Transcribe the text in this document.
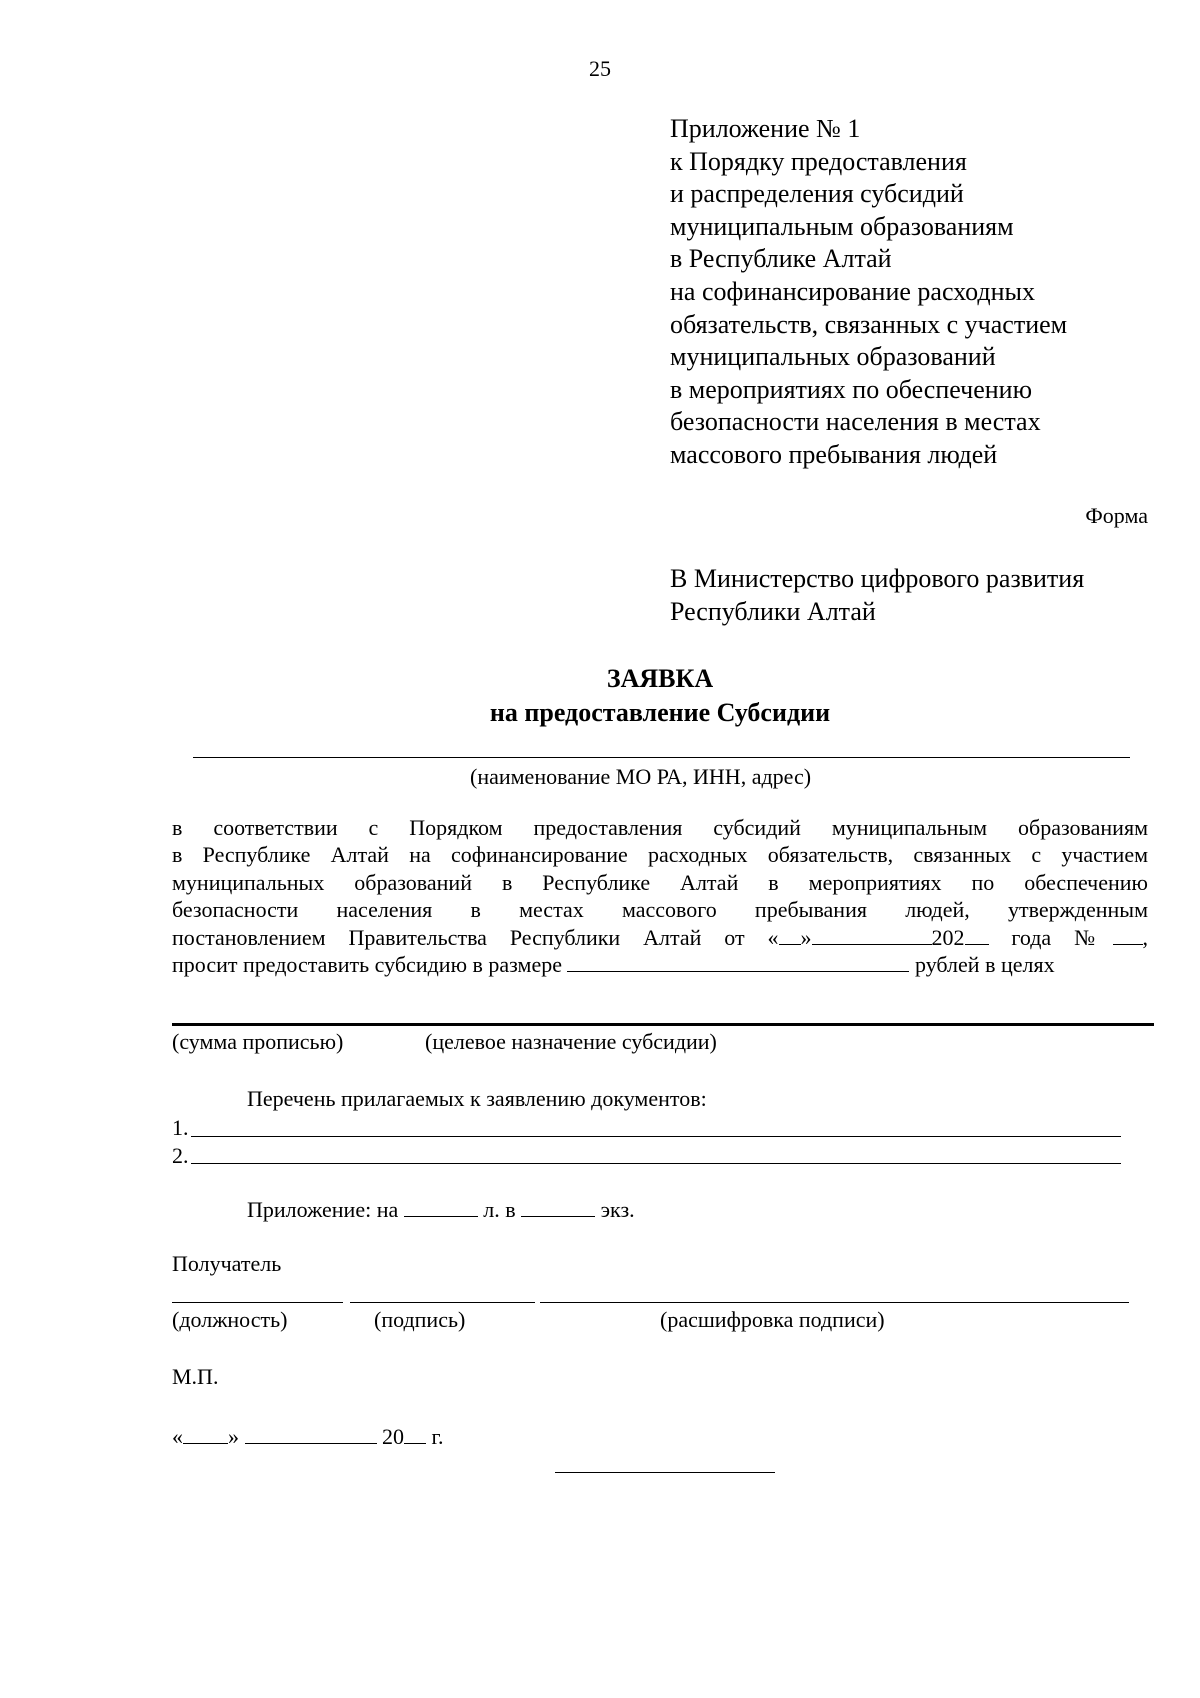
25
Приложение № 1
к Порядку предоставления
и распределения субсидий
муниципальным образованиям
в Республике Алтай
на софинансирование расходных
обязательств, связанных с участием
муниципальных образований
в мероприятиях по обеспечению
безопасности населения в местах
массового пребывания людей
Форма
В Министерство цифрового развития
Республики Алтай
ЗАЯВКА
на предоставление Субсидии
(наименование МО РА, ИНН, адрес)
в соответствии с Порядком предоставления субсидий муниципальным образованиям
в Республике Алтай на софинансирование расходных обязательств, связанных с участием
муниципальных образований в Республике Алтай в мероприятиях по обеспечению
безопасности населения в местах массового пребывания людей, утвержденным
постановлением Правительства Республики Алтай от « »	202 года № ,
просит предоставить субсидию в размере	рублей в целях
(сумма прописью)	(целевое назначение субсидии)
Перечень прилагаемых к заявлению документов:
1.
2.
Приложение: на	л. в	экз.
Получатель
(должность)	(подпись)	(расшифровка подписи)
М.П.
« »	20 г.
